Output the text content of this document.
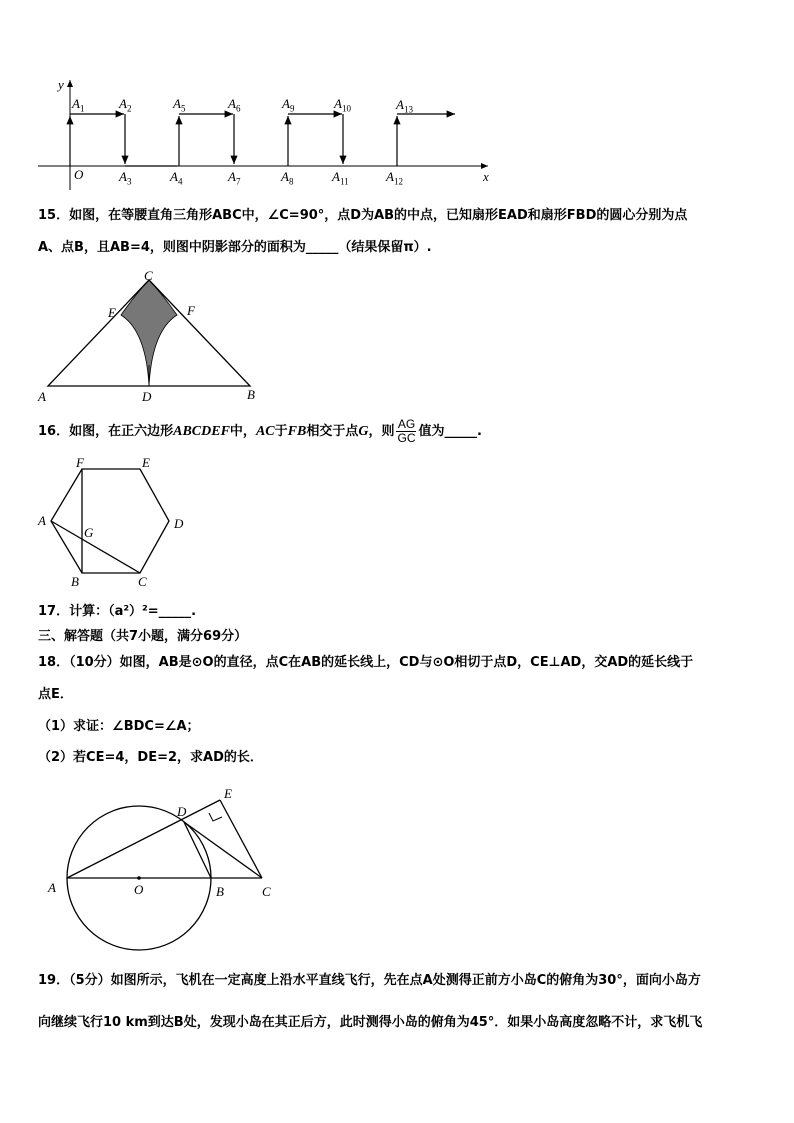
y
x
O
$A_1$	$A_2$
$A_3$	$A_4$
$A_5$	$A_6$
$A_7$	$A_8$
$A_9$	$A_{10}$
$A_{11}$	$A_{12}$
$A_{13}$
15．如图，在等腰直角三角形ABC中，∠C=90°，点D为AB的中点，已知扇形EAD和扇形FBD的圆心分别为点
A、点B，且AB=4，则图中阴影部分的面积为_____（结果保留π）.
C
E	F
A	D	B
16．如图，在正六边形ABCDEF中，AC于FB相交于点G，则 $\frac{AG}{GC}$ 值为_____.
F	E
A
G
D
B	C
17．计算：（a²）²=_____.
三、解答题（共7小题，满分69分）
18．（10分）如图，AB是⊙O的直径，点C在AB的延长线上，CD与⊙O相切于点D，CE⊥AD，交AD的延长线于
点E．
（1）求证：∠BDC=∠A；
（2）若CE=4，DE=2，求AD的长．
E
D
A	O	B	C
19．（5分）如图所示，飞机在一定高度上沿水平直线飞行，先在点A处测得正前方小岛C的俯角为30°，面向小岛方
向继续飞行10 km到达B处，发现小岛在其正后方，此时测得小岛的俯角为45°．如果小岛高度忽略不计，求飞机飞
